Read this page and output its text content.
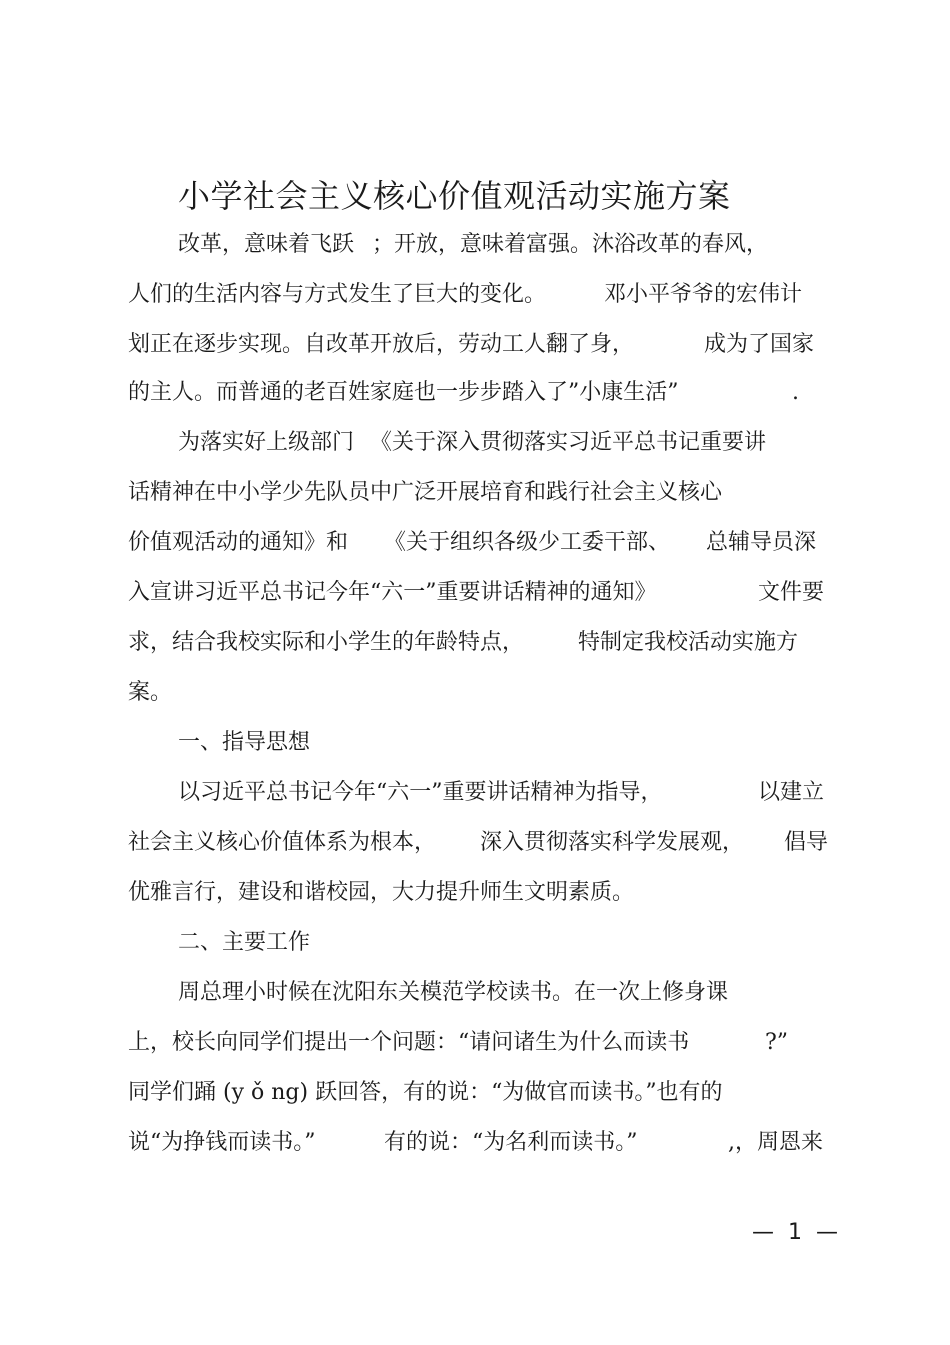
小学社会主义核心价值观活动实施方案
改革，意味着飞跃 ；开放，意味着富强。沐浴改革的春风，
人们的生活内容与方式发生了巨大的变化。	邓小平爷爷的宏伟计
划正在逐步实现。自改革开放后，劳动工人翻了身，	成为了国家
的主人。而普通的老百姓家庭也一步步踏入了”小康生活”	.
为落实好上级部门 《关于深入贯彻落实习近平总书记重要讲
话精神在中小学少先队员中广泛开展培育和践行社会主义核心
价值观活动的通知》和 《关于组织各级少工委干部、 总辅导员深
入宣讲习近平总书记今年“六一”重要讲话精神的通知》	文件要
求，结合我校实际和小学生的年龄特点， 特制定我校活动实施方
案。
一、指导思想
以习近平总书记今年“六一”重要讲话精神为指导，	以建立
社会主义核心价值体系为根本， 深入贯彻落实科学发展观， 倡导
优雅言行，建设和谐校园，大力提升师生文明素质。
二、主要工作
周总理小时候在沈阳东关模范学校读书。在一次上修身课
上，校长向同学们提出一个问题：“请问诸生为什么而读书	?”
同学们踊 (y ǒ ng) 跃回答，有的说：“为做官而读书。”也有的
说“为挣钱而读书。”	有的说：“为名利而读书。”	,，周恩来
—  1  —
